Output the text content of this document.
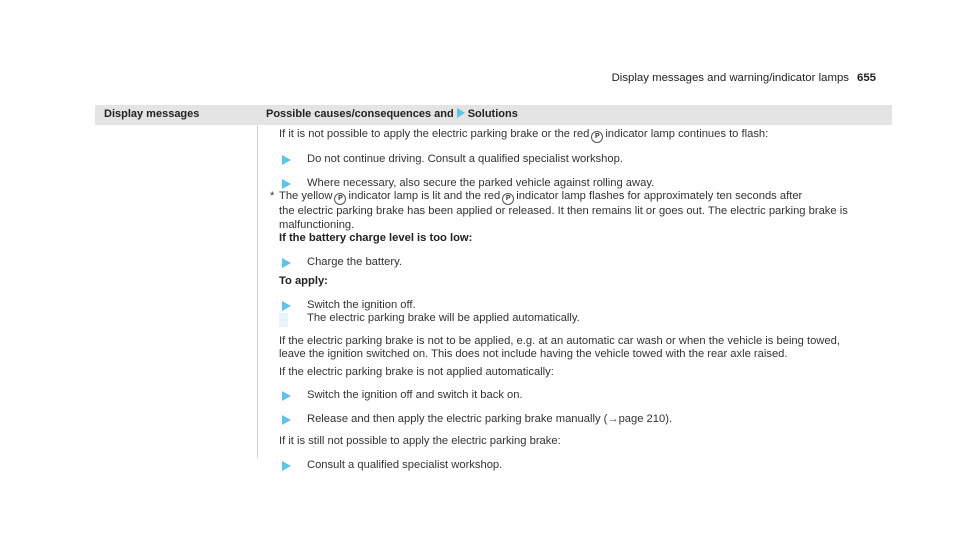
Display messages and warning/indicator lamps 655
Display messages	Possible causes/consequences and Solutions

If it is not possible to apply the electric parking brake or the red P indicator lamp continues to flash:

Do not continue driving. Consult a qualified specialist workshop.

Where necessary, also secure the parked vehicle against rolling away.

* The yellow P indicator lamp is lit and the red P indicator lamp flashes for approximately ten seconds after

the electric parking brake has been applied or released. It then remains lit or goes out. The electric parking brake is

malfunctioning.

If the battery charge level is too low:

Charge the battery.

To apply:

Switch the ignition off.
The electric parking brake will be applied automatically.

If the electric parking brake is not to be applied, e.g. at an automatic car wash or when the vehicle is being towed,

leave the ignition switched on. This does not include having the vehicle towed with the rear axle raised.

If the electric parking brake is not applied automatically:

Switch the ignition off and switch it back on.

Release and then apply the electric parking brake manually (→page 210).

If it is still not possible to apply the electric parking brake:

Consult a qualified specialist workshop.
